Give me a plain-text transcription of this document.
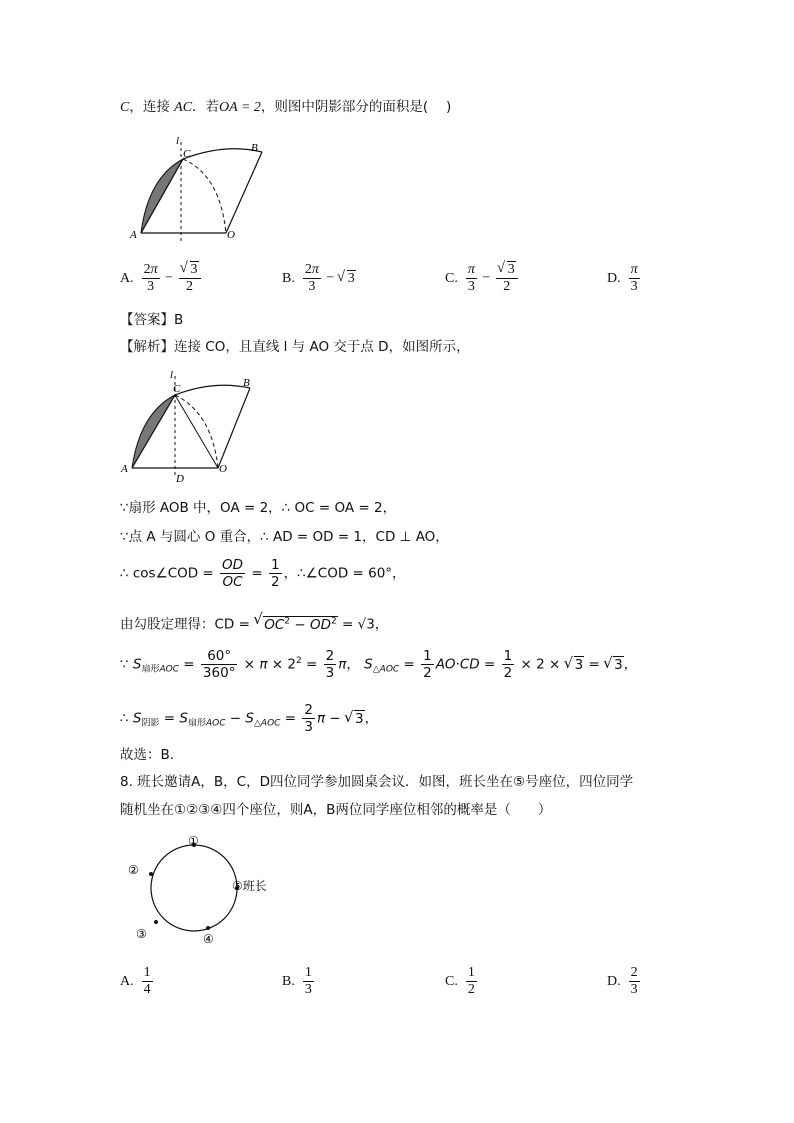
C，连接 AC．若OA = 2，则图中阴影部分的面积是(　 )
l
C	B
A	O
A. $\frac{2\pi}{3}$ − √ $\frac{3}{2}$	B. $\frac{2\pi}{3}$ − √ 3	C. $\frac{\pi}{3}$ − √ $\frac{3}{2}$	D. $\frac{\pi}{3}$
【答案】B
【解析】连接 CO，且直线 l 与 AO 交于点 D，如图所示，
l
C	B
A	O
D
∵扇形 AOB 中，OA = 2，∴ OC = OA = 2，
∵点 A 与圆心 O 重合，∴ AD = OD = 1，CD ⊥ AO，
∴ cos∠COD = $\frac{OD}{OC} = \frac{1}{2}$ ，∴∠COD = 60°，
由勾股定理得：CD = √ $OC^2 - OD^2 = √3$，
∵ $S_{扇形AOC} = \frac{60^\circ}{360^\circ} \times \pi \times 2^2 = \frac{2}{3}$ π， $S_{\triangle AOC} = \frac{1}{2} AO\cdot CD = \frac{1}{2} \times 2$ × √ 3 = √ 3，
∴ $S_{阴影} = S_{扇形AOC} - S_{\triangle AOC} = \frac{2}{3}$ π − √ 3，
故选：B．
8. 班长邀请A，B，C，D四位同学参加圆桌会议．如图，班长坐在⑤号座位，四位同学
随机坐在①②③④四个座位，则A，B两位同学座位相邻的概率是（　　）
①
②
③	④
⑤班长
A. $\frac{1}{4}$	B. $\frac{1}{3}$	C. $\frac{1}{2}$	D. $\frac{2}{3}$
